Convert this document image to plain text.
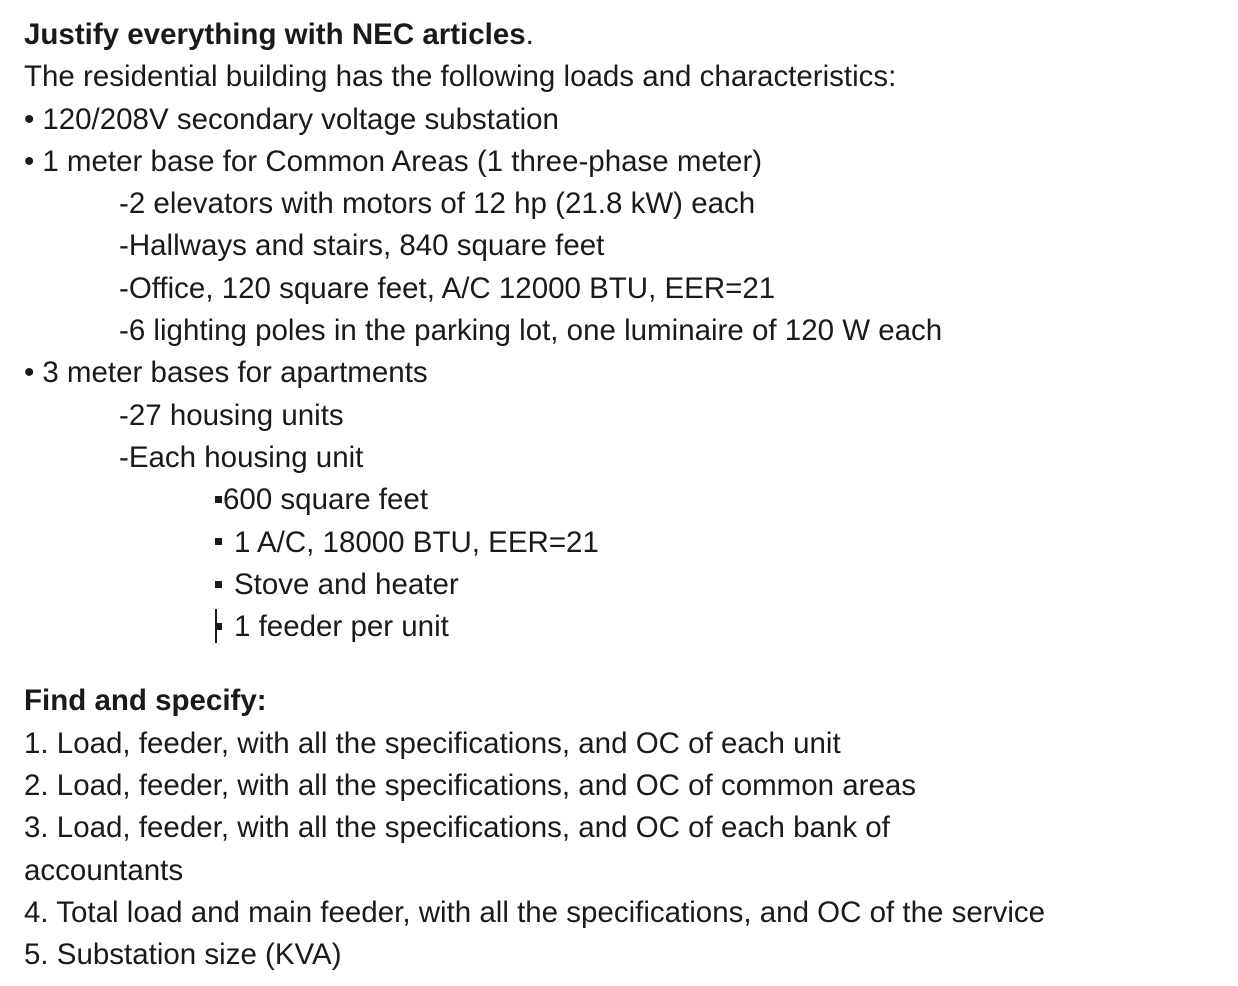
Justify everything with NEC articles.
The residential building has the following loads and characteristics:
• 120/208V secondary voltage substation
• 1 meter base for Common Areas (1 three-phase meter)
-2 elevators with motors of 12 hp (21.8 kW) each
-Hallways and stairs, 840 square feet
-Office, 120 square feet, A/C 12000 BTU, EER=21
-6 lighting poles in the parking lot, one luminaire of 120 W each
• 3 meter bases for apartments
-27 housing units
-Each housing unit
600 square feet
1 A/C, 18000 BTU, EER=21
Stove and heater
1 feeder per unit
Find and specify:
1. Load, feeder, with all the specifications, and OC of each unit
2. Load, feeder, with all the specifications, and OC of common areas
3. Load, feeder, with all the specifications, and OC of each bank of
accountants
4. Total load and main feeder, with all the specifications, and OC of the service
5. Substation size (KVA)
